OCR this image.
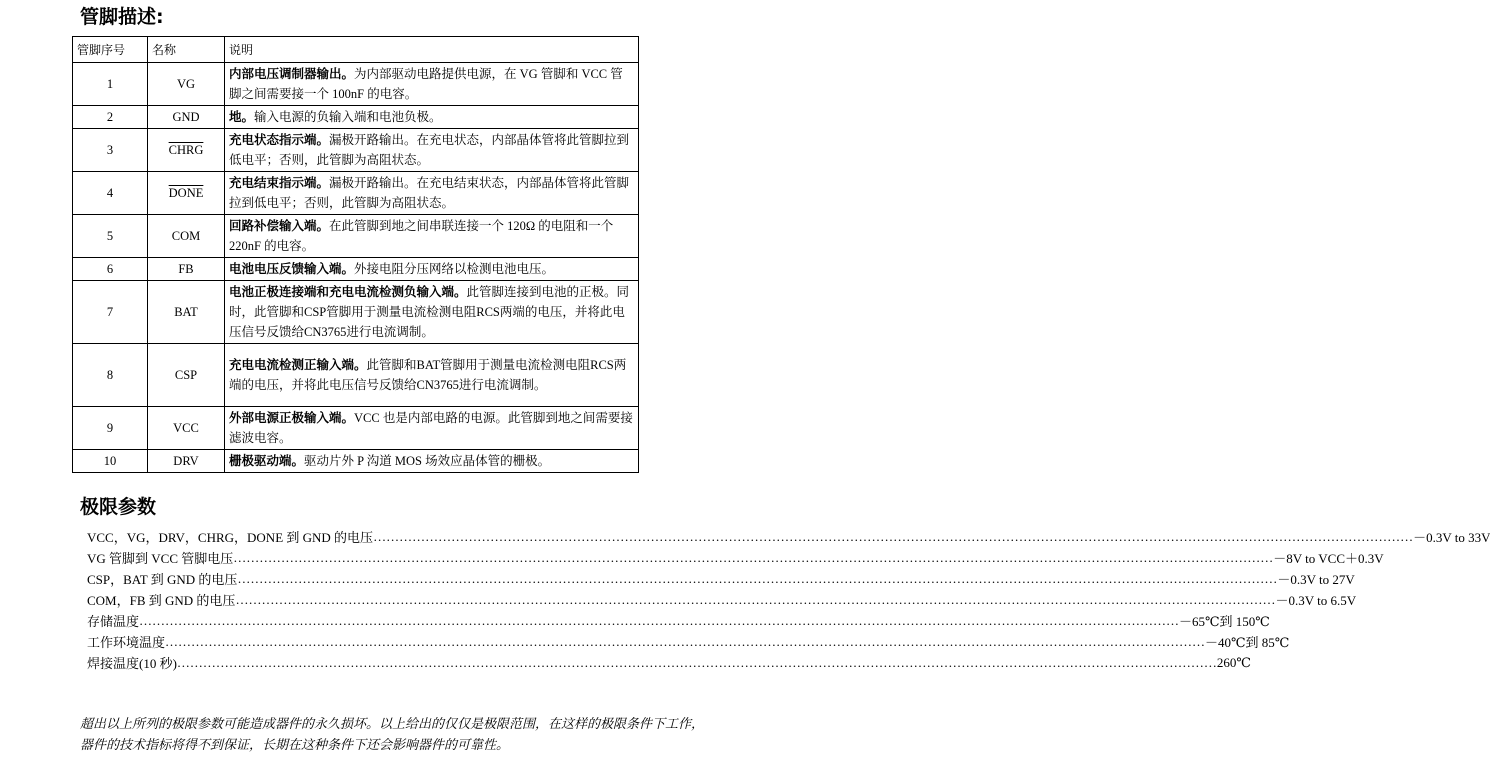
管脚描述:
管脚序号	名称	说明
1	VG	内部电压调制器输出。为内部驱动电路提供电源，在 VG 管脚和 VCC 管脚之间需要接一个 100nF 的电容。
2	GND	地。输入电源的负输入端和电池负极。
3	CHRG	充电状态指示端。漏极开路输出。在充电状态，内部晶体管将此管脚拉到低电平；否则，此管脚为高阻状态。
4	DONE	充电结束指示端。漏极开路输出。在充电结束状态，内部晶体管将此管脚拉到低电平；否则，此管脚为高阻状态。
5	COM	回路补偿输入端。在此管脚到地之间串联连接一个 120Ω 的电阻和一个 220nF 的电容。
6	FB	电池电压反馈输入端。外接电阻分压网络以检测电池电压。
7	BAT	电池正极连接端和充电电流检测负输入端。此管脚连接到电池的正极。同时，此管脚和CSP管脚用于测量电流检测电阻RCS两端的电压，并将此电压信号反馈给CN3765进行电流调制。
8	CSP	充电电流检测正输入端。此管脚和BAT管脚用于测量电流检测电阻RCS两端的电压，并将此电压信号反馈给CN3765进行电流调制。
9	VCC	外部电源正极输入端。VCC 也是内部电路的电源。此管脚到地之间需要接滤波电容。
10	DRV	栅极驱动端。驱动片外 P 沟道 MOS 场效应晶体管的栅极。
极限参数
VCC，VG，DRV，CHRG，DONE 到 GND 的电压 …………………………………………………………………………………………………………………………………………………………………………………………………………………… －0.3V to 33V
VG 管脚到 VCC 管脚电压 …………………………………………………………………………………………………………………………………………………………………………………………………………………… －8V to VCC＋0.3V
CSP，BAT 到 GND 的电压 …………………………………………………………………………………………………………………………………………………………………………………………………………………… －0.3V to 27V
COM，FB 到 GND 的电压 …………………………………………………………………………………………………………………………………………………………………………………………………………………… －0.3V to 6.5V
存储温度 …………………………………………………………………………………………………………………………………………………………………………………………………………………… －65℃到 150℃
工作环境温度 …………………………………………………………………………………………………………………………………………………………………………………………………………………… －40℃到 85℃
焊接温度(10 秒) …………………………………………………………………………………………………………………………………………………………………………………………………………………… 260℃
超出以上所列的极限参数可能造成器件的永久损坏。以上给出的仅仅是极限范围，在这样的极限条件下工作，
器件的技术指标将得不到保证，长期在这种条件下还会影响器件的可靠性。
